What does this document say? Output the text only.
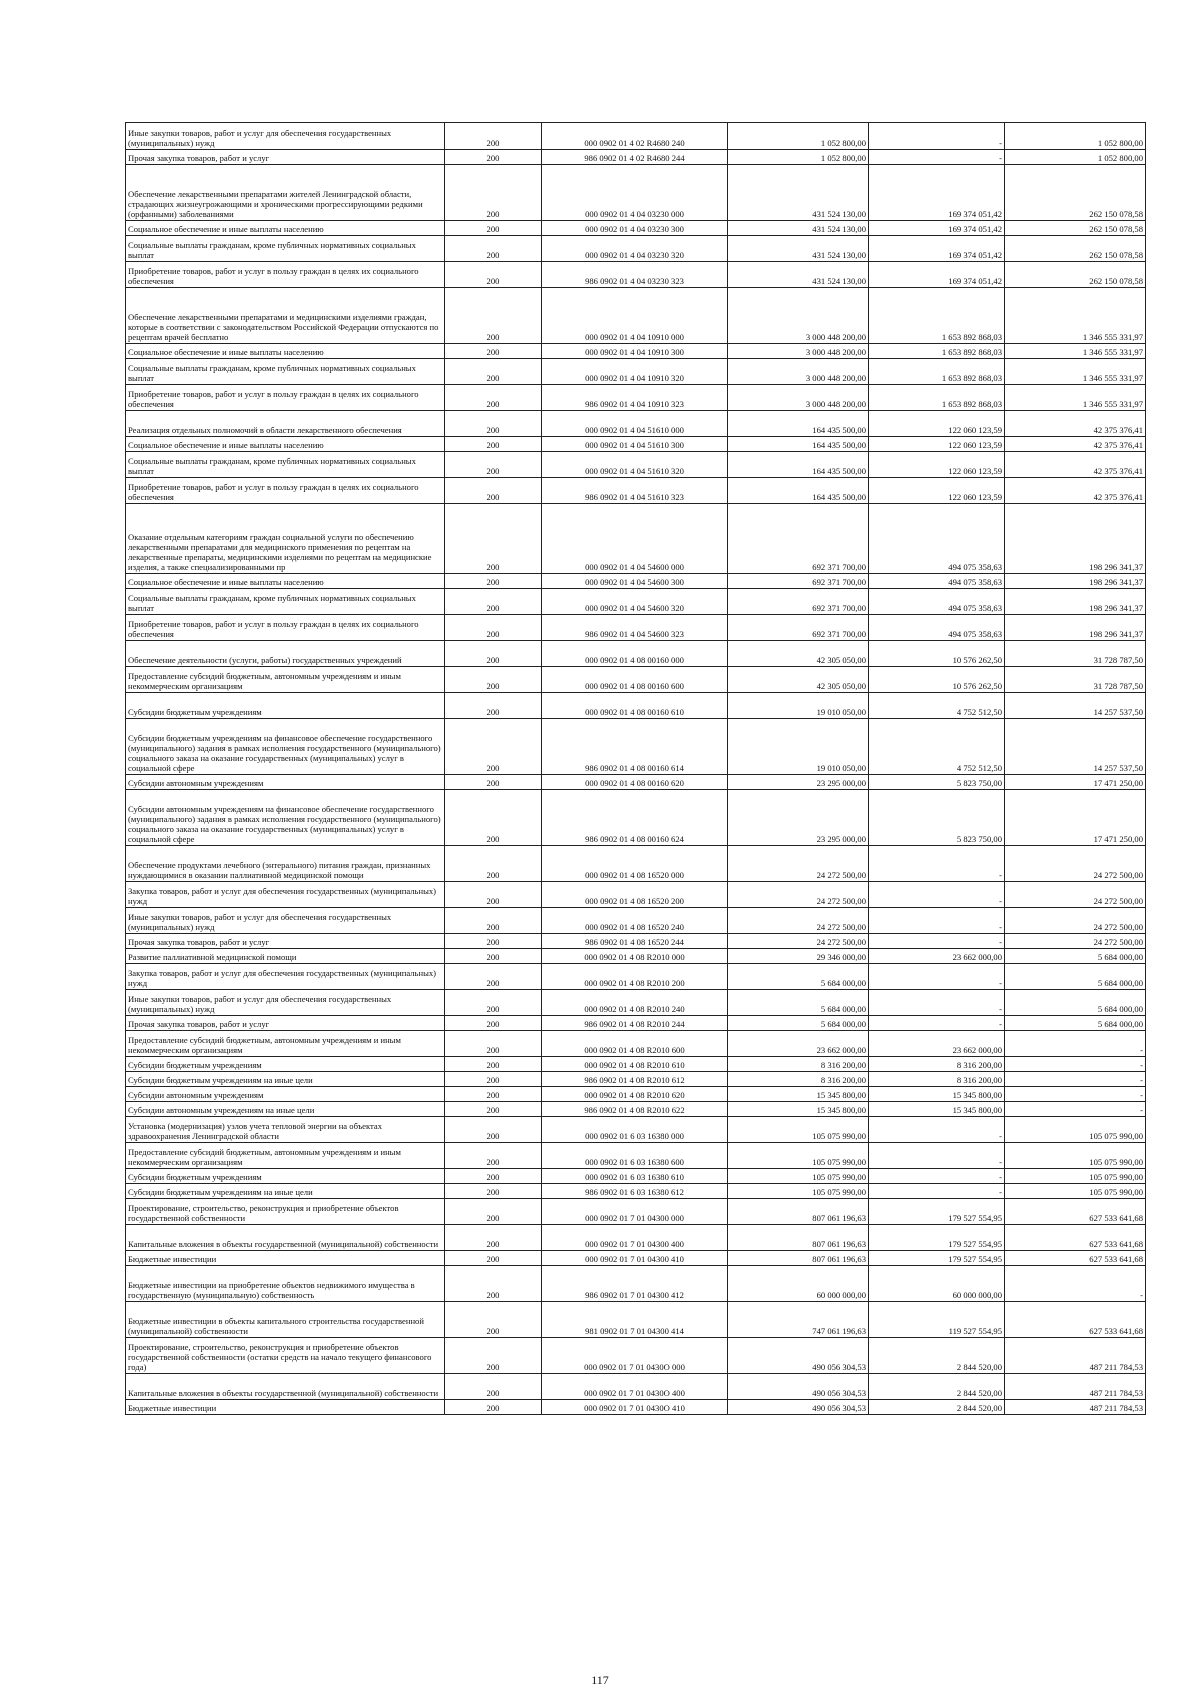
Иные закупки товаров, работ и услуг для обеспечения государственных (муниципальных) нужд	200	000 0902 01 4 02 R4680 240	1 052 800,00	-	1 052 800,00
Прочая закупка товаров, работ и услуг	200	986 0902 01 4 02 R4680 244	1 052 800,00	-	1 052 800,00
Обеспечение лекарственными препаратами жителей Ленинградской области, страдающих жизнеугрожающими и хроническими прогрессирующими редкими (орфанными) заболеваниями	200	000 0902 01 4 04 03230 000	431 524 130,00	169 374 051,42	262 150 078,58
Социальное обеспечение и иные выплаты населению	200	000 0902 01 4 04 03230 300	431 524 130,00	169 374 051,42	262 150 078,58
Социальные выплаты гражданам, кроме публичных нормативных социальных выплат	200	000 0902 01 4 04 03230 320	431 524 130,00	169 374 051,42	262 150 078,58
Приобретение товаров, работ и услуг в пользу граждан в целях их социального обеспечения	200	986 0902 01 4 04 03230 323	431 524 130,00	169 374 051,42	262 150 078,58
Обеспечение лекарственными препаратами и медицинскими изделиями граждан, которые в соответствии с законодательством Российской Федерации отпускаются по рецептам врачей бесплатно	200	000 0902 01 4 04 10910 000	3 000 448 200,00	1 653 892 868,03	1 346 555 331,97
Социальное обеспечение и иные выплаты населению	200	000 0902 01 4 04 10910 300	3 000 448 200,00	1 653 892 868,03	1 346 555 331,97
Социальные выплаты гражданам, кроме публичных нормативных социальных выплат	200	000 0902 01 4 04 10910 320	3 000 448 200,00	1 653 892 868,03	1 346 555 331,97
Приобретение товаров, работ и услуг в пользу граждан в целях их социального обеспечения	200	986 0902 01 4 04 10910 323	3 000 448 200,00	1 653 892 868,03	1 346 555 331,97
Реализация отдельных полномочий в области лекарственного обеспечения	200	000 0902 01 4 04 51610 000	164 435 500,00	122 060 123,59	42 375 376,41
Социальное обеспечение и иные выплаты населению	200	000 0902 01 4 04 51610 300	164 435 500,00	122 060 123,59	42 375 376,41
Социальные выплаты гражданам, кроме публичных нормативных социальных выплат	200	000 0902 01 4 04 51610 320	164 435 500,00	122 060 123,59	42 375 376,41
Приобретение товаров, работ и услуг в пользу граждан в целях их социального обеспечения	200	986 0902 01 4 04 51610 323	164 435 500,00	122 060 123,59	42 375 376,41
Оказание отдельным категориям граждан социальной услуги по обеспечению лекарственными препаратами для медицинского применения по рецептам на лекарственные препараты, медицинскими изделиями по рецептам на медицинские изделия, а также специализированными пр	200	000 0902 01 4 04 54600 000	692 371 700,00	494 075 358,63	198 296 341,37
Социальное обеспечение и иные выплаты населению	200	000 0902 01 4 04 54600 300	692 371 700,00	494 075 358,63	198 296 341,37
Социальные выплаты гражданам, кроме публичных нормативных социальных выплат	200	000 0902 01 4 04 54600 320	692 371 700,00	494 075 358,63	198 296 341,37
Приобретение товаров, работ и услуг в пользу граждан в целях их социального обеспечения	200	986 0902 01 4 04 54600 323	692 371 700,00	494 075 358,63	198 296 341,37
Обеспечение деятельности (услуги, работы) государственных учреждений	200	000 0902 01 4 08 00160 000	42 305 050,00	10 576 262,50	31 728 787,50
Предоставление субсидий бюджетным, автономным учреждениям и иным некоммерческим организациям	200	000 0902 01 4 08 00160 600	42 305 050,00	10 576 262,50	31 728 787,50
Субсидии бюджетным учреждениям	200	000 0902 01 4 08 00160 610	19 010 050,00	4 752 512,50	14 257 537,50
Субсидии бюджетным учреждениям на финансовое обеспечение государственного (муниципального) задания в рамках исполнения государственного (муниципального) социального заказа на оказание государственных (муниципальных) услуг в социальной сфере	200	986 0902 01 4 08 00160 614	19 010 050,00	4 752 512,50	14 257 537,50
Субсидии автономным учреждениям	200	000 0902 01 4 08 00160 620	23 295 000,00	5 823 750,00	17 471 250,00
Субсидии автономным учреждениям на финансовое обеспечение государственного (муниципального) задания в рамках исполнения государственного (муниципального) социального заказа на оказание государственных (муниципальных) услуг в социальной сфере	200	986 0902 01 4 08 00160 624	23 295 000,00	5 823 750,00	17 471 250,00
Обеспечение продуктами лечебного (энтерального) питания граждан, признанных нуждающимися в оказании паллиативной медицинской помощи	200	000 0902 01 4 08 16520 000	24 272 500,00	-	24 272 500,00
Закупка товаров, работ и услуг для обеспечения государственных (муниципальных) нужд	200	000 0902 01 4 08 16520 200	24 272 500,00	-	24 272 500,00
Иные закупки товаров, работ и услуг для обеспечения государственных (муниципальных) нужд	200	000 0902 01 4 08 16520 240	24 272 500,00	-	24 272 500,00
Прочая закупка товаров, работ и услуг	200	986 0902 01 4 08 16520 244	24 272 500,00	-	24 272 500,00
Развитие паллиативной медицинской помощи	200	000 0902 01 4 08 R2010 000	29 346 000,00	23 662 000,00	5 684 000,00
Закупка товаров, работ и услуг для обеспечения государственных (муниципальных) нужд	200	000 0902 01 4 08 R2010 200	5 684 000,00	-	5 684 000,00
Иные закупки товаров, работ и услуг для обеспечения государственных (муниципальных) нужд	200	000 0902 01 4 08 R2010 240	5 684 000,00	-	5 684 000,00
Прочая закупка товаров, работ и услуг	200	986 0902 01 4 08 R2010 244	5 684 000,00	-	5 684 000,00
Предоставление субсидий бюджетным, автономным учреждениям и иным некоммерческим организациям	200	000 0902 01 4 08 R2010 600	23 662 000,00	23 662 000,00	-
Субсидии бюджетным учреждениям	200	000 0902 01 4 08 R2010 610	8 316 200,00	8 316 200,00	-
Субсидии бюджетным учреждениям на иные цели	200	986 0902 01 4 08 R2010 612	8 316 200,00	8 316 200,00	-
Субсидии автономным учреждениям	200	000 0902 01 4 08 R2010 620	15 345 800,00	15 345 800,00	-
Субсидии автономным учреждениям на иные цели	200	986 0902 01 4 08 R2010 622	15 345 800,00	15 345 800,00	-
Установка (модернизация) узлов учета тепловой энергии на объектах здравоохранения Ленинградской области	200	000 0902 01 6 03 16380 000	105 075 990,00	-	105 075 990,00
Предоставление субсидий бюджетным, автономным учреждениям и иным некоммерческим организациям	200	000 0902 01 6 03 16380 600	105 075 990,00	-	105 075 990,00
Субсидии бюджетным учреждениям	200	000 0902 01 6 03 16380 610	105 075 990,00	-	105 075 990,00
Субсидии бюджетным учреждениям на иные цели	200	986 0902 01 6 03 16380 612	105 075 990,00	-	105 075 990,00
Проектирование, строительство, реконструкция и приобретение объектов государственной собственности	200	000 0902 01 7 01 04300 000	807 061 196,63	179 527 554,95	627 533 641,68
Капитальные вложения в объекты государственной (муниципальной) собственности	200	000 0902 01 7 01 04300 400	807 061 196,63	179 527 554,95	627 533 641,68
Бюджетные инвестиции	200	000 0902 01 7 01 04300 410	807 061 196,63	179 527 554,95	627 533 641,68
Бюджетные инвестиции на приобретение объектов недвижимого имущества в государственную (муниципальную) собственность	200	986 0902 01 7 01 04300 412	60 000 000,00	60 000 000,00	-
Бюджетные инвестиции в объекты капитального строительства государственной (муниципальной) собственности	200	981 0902 01 7 01 04300 414	747 061 196,63	119 527 554,95	627 533 641,68
Проектирование, строительство, реконструкция и приобретение объектов государственной собственности (остатки средств на начало текущего финансового года)	200	000 0902 01 7 01 0430О 000	490 056 304,53	2 844 520,00	487 211 784,53
Капитальные вложения в объекты государственной (муниципальной) собственности	200	000 0902 01 7 01 0430О 400	490 056 304,53	2 844 520,00	487 211 784,53
Бюджетные инвестиции	200	000 0902 01 7 01 0430О 410	490 056 304,53	2 844 520,00	487 211 784,53
117
